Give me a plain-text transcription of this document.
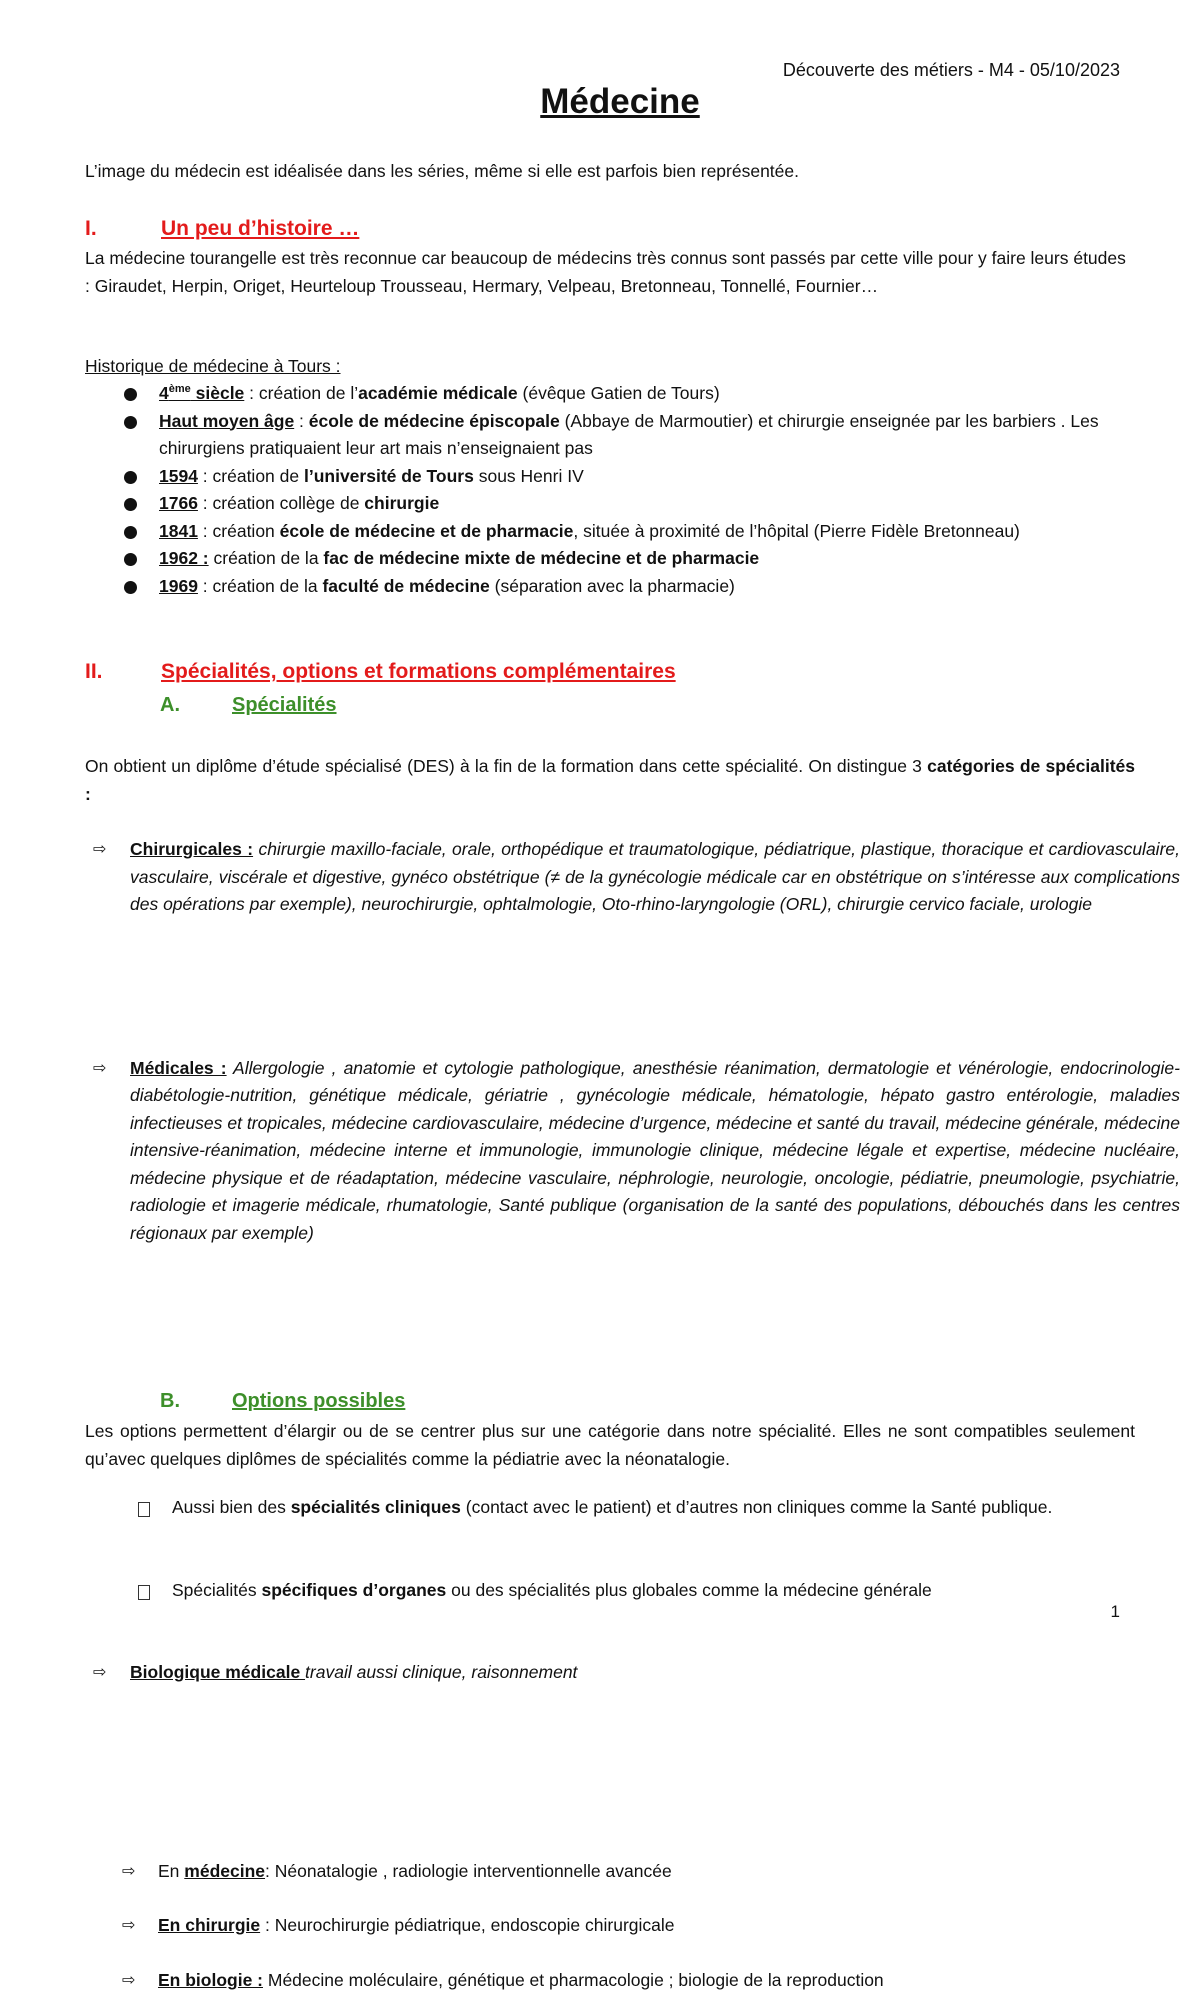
Découverte des métiers - M4 - 05/10/2023
Médecine
L’image du médecin est idéalisée dans les séries, même si elle est parfois bien représentée.
I.	Un peu d’histoire …
La médecine tourangelle est très reconnue car beaucoup de médecins très connus sont passés par cette ville pour y faire leurs études : Giraudet, Herpin, Origet, Heurteloup Trousseau, Hermary, Velpeau, Bretonneau, Tonnellé, Fournier…
Historique de médecine à Tours :
4ème siècle : création de l’académie médicale (évêque Gatien de Tours)
Haut moyen âge : école de médecine épiscopale (Abbaye de Marmoutier) et chirurgie enseignée par les barbiers . Les chirurgiens pratiquaient leur art mais n’enseignaient pas
1594 : création de l’université de Tours sous Henri IV
1766 : création collège de chirurgie
1841 : création école de médecine et de pharmacie, située à proximité de l’hôpital (Pierre Fidèle Bretonneau)
1962 : création de la fac de médecine mixte de médecine et de pharmacie
1969 : création de la faculté de médecine (séparation avec la pharmacie)
II.	Spécialités, options et formations complémentaires
A.	Spécialités
On obtient un diplôme d’étude spécialisé (DES) à la fin de la formation dans cette spécialité. On distingue 3 catégories de spécialités :
⇨ Chirurgicales : chirurgie maxillo-faciale, orale, orthopédique et traumatologique, pédiatrique, plastique, thoracique et cardiovasculaire, vasculaire, viscérale et digestive, gynéco obstétrique (≠ de la gynécologie médicale car en obstétrique on s’intéresse aux complications des opérations par exemple), neurochirurgie, ophtalmologie, Oto-rhino-laryngologie (ORL), chirurgie cervico faciale, urologie
⇨ Médicales : Allergologie , anatomie et cytologie pathologique, anesthésie réanimation, dermatologie et vénérologie, endocrinologie-diabétologie-nutrition, génétique médicale, gériatrie , gynécologie médicale, hématologie, hépato gastro entérologie, maladies infectieuses et tropicales, médecine cardiovasculaire, médecine d’urgence, médecine et santé du travail, médecine générale, médecine intensive-réanimation, médecine interne et immunologie, immunologie clinique, médecine légale et expertise, médecine nucléaire, médecine physique et de réadaptation, médecine vasculaire, néphrologie, neurologie, oncologie, pédiatrie, pneumologie, psychiatrie, radiologie et imagerie médicale, rhumatologie, Santé publique (organisation de la santé des populations, débouchés dans les centres régionaux par exemple)
Aussi bien des spécialités cliniques (contact avec le patient) et d’autres non cliniques comme la Santé publique.
Spécialités spécifiques d’organes ou des spécialités plus globales comme la médecine générale
⇨ Biologique médicale travail aussi clinique, raisonnement
B.	Options possibles
Les options permettent d’élargir ou de se centrer plus sur une catégorie dans notre spécialité. Elles ne sont compatibles seulement qu’avec quelques diplômes de spécialités comme la pédiatrie avec la néonatalogie.
⇨ En médecine: Néonatalogie , radiologie interventionnelle avancée
⇨ En chirurgie : Neurochirurgie pédiatrique, endoscopie chirurgicale
⇨ En biologie : Médecine moléculaire, génétique et pharmacologie ; biologie de la reproduction
1
